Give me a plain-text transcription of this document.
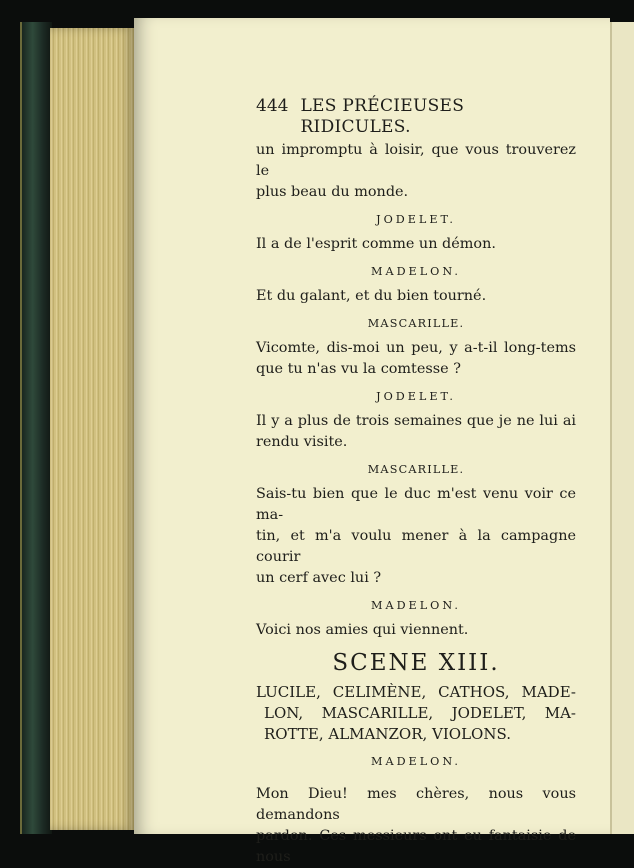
444 LES PRÉCIEUSES RIDICULES.
un impromptu à loisir, que vous trouverez le
plus beau du monde.
JODELET.
Il a de l'esprit comme un démon.
MADELON.
Et du galant, et du bien tourné.
MASCARILLE.
Vicomte, dis-moi un peu, y a-t-il long-tems
que tu n'as vu la comtesse ?
JODELET.
Il y a plus de trois semaines que je ne lui ai
rendu visite.
MASCARILLE.
Sais-tu bien que le duc m'est venu voir ce ma-
tin, et m'a voulu mener à la campagne courir
un cerf avec lui ?
MADELON.
Voici nos amies qui viennent.
SCENE XIII.
LUCILE, CELIMÈNE, CATHOS, MADE-
LON, MASCARILLE, JODELET, MA-
ROTTE, ALMANZOR, VIOLONS.
MADELON.
Mon Dieu! mes chères, nous vous demandons
pardon. Ces messieurs ont eu fantaisie de nous
